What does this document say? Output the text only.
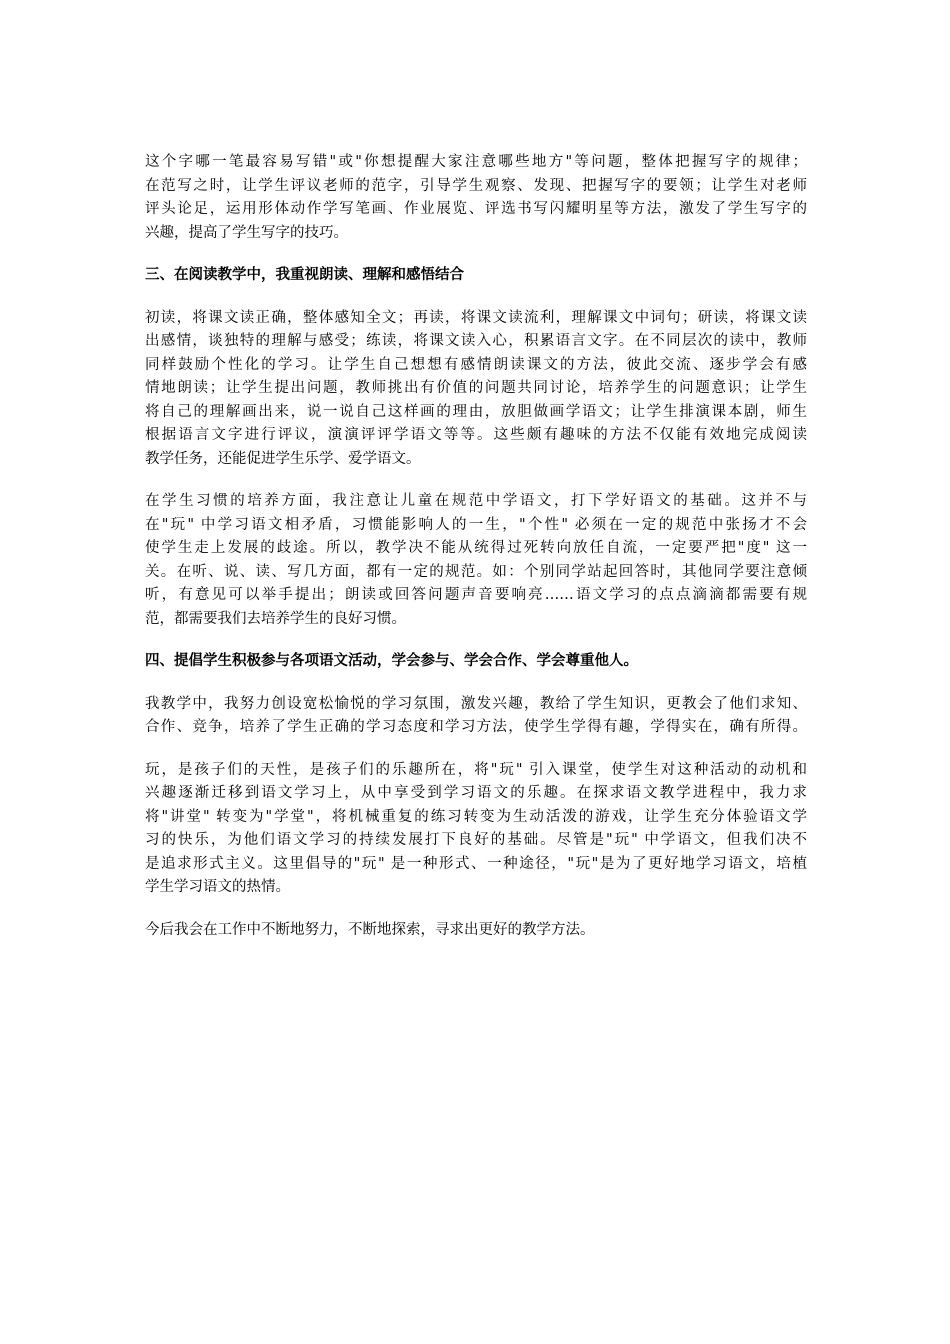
这个字哪一笔最容易写错"或"你想提醒大家注意哪些地方"等问题，整体把握写字的规律；
在范写之时，让学生评议老师的范字，引导学生观察、发现、把握写字的要领；让学生对老师
评头论足，运用形体动作学写笔画、作业展览、评选书写闪耀明星等方法，激发了学生写字的
兴趣，提高了学生写字的技巧。
三、在阅读教学中，我重视朗读、理解和感悟结合
初读，将课文读正确，整体感知全文；再读，将课文读流利，理解课文中词句；研读，将课文读
出感情，谈独特的理解与感受；练读，将课文读入心，积累语言文字。在不同层次的读中，教师
同样鼓励个性化的学习。让学生自己想想有感情朗读课文的方法，彼此交流、逐步学会有感
情地朗读；让学生提出问题，教师挑出有价值的问题共同讨论，培养学生的问题意识；让学生
将自己的理解画出来，说一说自己这样画的理由，放胆做画学语文；让学生排演课本剧，师生
根据语言文字进行评议，演演评评学语文等等。这些颇有趣味的方法不仅能有效地完成阅读
教学任务，还能促进学生乐学、爱学语文。
在学生习惯的培养方面，我注意让儿童在规范中学语文，打下学好语文的基础。这并不与
在"玩" 中学习语文相矛盾，习惯能影响人的一生，"个性" 必须在一定的规范中张扬才不会
使学生走上发展的歧途。所以，教学决不能从统得过死转向放任自流，一定要严把"度" 这一
关。在听、说、读、写几方面，都有一定的规范。如：个别同学站起回答时，其他同学要注意倾
听，有意见可以举手提出；朗读或回答问题声音要响亮……语文学习的点点滴滴都需要有规
范，都需要我们去培养学生的良好习惯。
四、提倡学生积极参与各项语文活动，学会参与、学会合作、学会尊重他人。
我教学中，我努力创设宽松愉悦的学习氛围，激发兴趣，教给了学生知识，更教会了他们求知、
合作、竞争，培养了学生正确的学习态度和学习方法，使学生学得有趣，学得实在，确有所得。
玩，是孩子们的天性，是孩子们的乐趣所在，将"玩" 引入课堂，使学生对这种活动的动机和
兴趣逐渐迁移到语文学习上，从中享受到学习语文的乐趣。在探求语文教学进程中，我力求
将"讲堂" 转变为"学堂"，将机械重复的练习转变为生动活泼的游戏，让学生充分体验语文学
习的快乐，为他们语文学习的持续发展打下良好的基础。尽管是"玩" 中学语文，但我们决不
是追求形式主义。这里倡导的"玩" 是一种形式、一种途径，"玩"是为了更好地学习语文，培植
学生学习语文的热情。
今后我会在工作中不断地努力，不断地探索，寻求出更好的教学方法。
